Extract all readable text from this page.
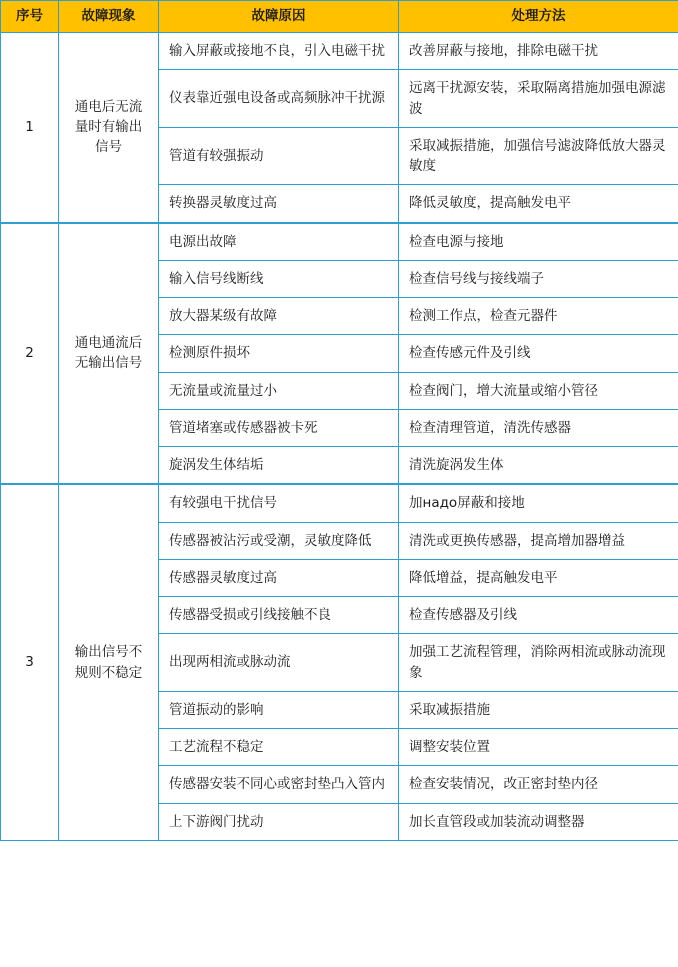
序号	故障现象	故障原因	处理方法
1	通电后无流量时有输出信号	输入屏蔽或接地不良，引入电磁干扰	改善屏蔽与接地，排除电磁干扰
		仪表靠近强电设备或高频脉冲干扰源	远离干扰源安装，采取隔离措施加强电源滤波
		管道有较强振动	采取减振措施，加强信号滤波降低放大器灵敏度
		转换器灵敏度过高	降低灵敏度，提高触发电平
2	通电通流后无输出信号	电源出故障	检查电源与接地
		输入信号线断线	检查信号线与接线端子
		放大器某级有故障	检测工作点，检查元器件
		检测原件损坏	检查传感元件及引线
		无流量或流量过小	检查阀门，增大流量或缩小管径
		管道堵塞或传感器被卡死	检查清理管道，清洗传感器
		旋涡发生体结垢	清洗旋涡发生体
3	输出信号不规则不稳定	有较强电干扰信号	加надо屏蔽和接地
		传感器被沾污或受潮，灵敏度降低	清洗或更换传感器，提高增加器增益
		传感器灵敏度过高	降低增益，提高触发电平
		传感器受损或引线接触不良	检查传感器及引线
		出现两相流或脉动流	加强工艺流程管理，消除两相流或脉动流现象
		管道振动的影响	采取减振措施
		工艺流程不稳定	调整安装位置
		传感器安装不同心或密封垫凸入管内	检查安装情况，改正密封垫内径
		上下游阀门扰动	加长直管段或加装流动调整器
